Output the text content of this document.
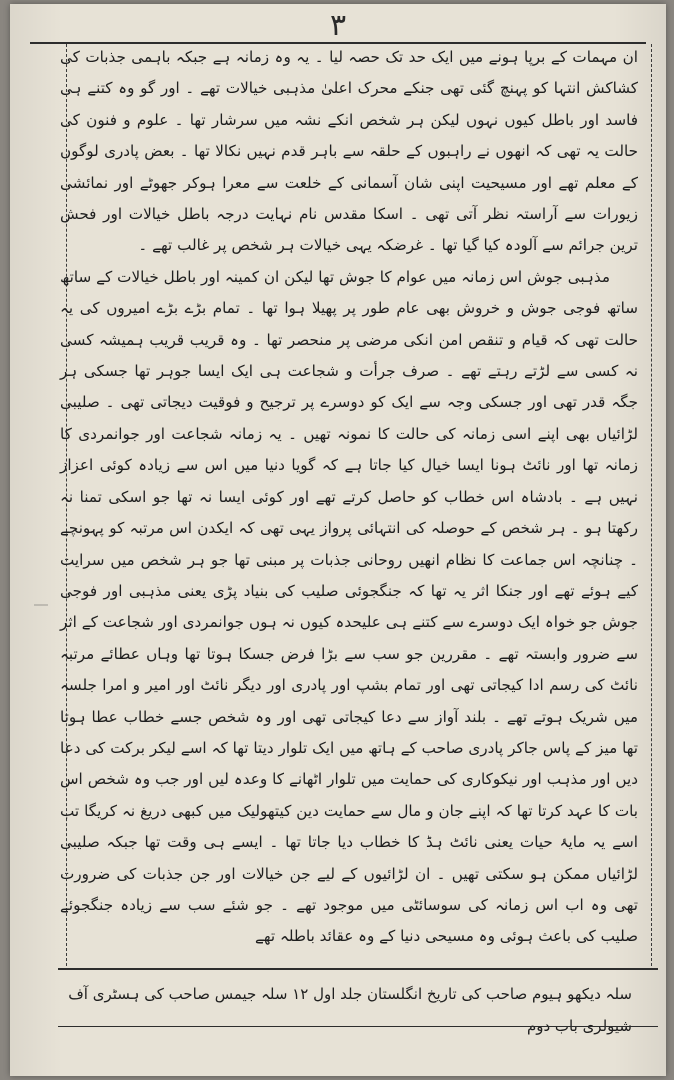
۳

ان مہمات کے برپا ہونے میں ایک حد تک حصہ لیا ۔ یہ وہ زمانہ ہے جبکہ باہمی جذبات کی کشاکش انتہا کو پہنچ گئی تھی جنکے محرک اعلیٰ مذہبی خیالات تھے ۔ اور گو وہ کتنے ہی فاسد اور باطل کیوں نہوں لیکن ہر شخص انکے نشہ میں سرشار تھا ۔ علوم و فنون کی حالت یہ تھی کہ انھوں نے راہبوں کے حلقہ سے باہر قدم نہیں نکالا تھا ۔ بعض پادری لوگوں کے معلم تھے اور مسیحیت اپنی شان آسمانی کے خلعت سے معرا ہوکر جھوٹے اور نمائشی زیورات سے آراستہ نظر آتی تھی ۔ اسکا مقدس نام نہایت درجہ باطل خیالات اور فحش ترین جرائم سے آلودہ کیا گیا تھا ۔ غرضکہ یہی خیالات ہر شخص پر غالب تھے ۔

مذہبی جوش اس زمانہ میں عوام کا جوش تھا لیکن ان کمینہ اور باطل خیالات کے ساتھ ساتھ فوجی جوش و خروش بھی عام طور پر پھیلا ہوا تھا ۔ تمام بڑے بڑے امیروں کی یہ حالت تھی کہ قیام و تنقص امن انکی مرضی پر منحصر تھا ۔ وہ قریب قریب ہمیشہ کسی نہ کسی سے لڑتے رہتے تھے ۔ صرف جرأت و شجاعت ہی ایک ایسا جوہر تھا جسکی ہر جگہ قدر تھی اور جسکی وجہ سے ایک کو دوسرے پر ترجیح و فوقیت دیجاتی تھی ۔ صلیبی لڑائیاں بھی اپنے اسی زمانہ کی حالت کا نمونہ تھیں ۔ یہ زمانہ شجاعت اور جوانمردی کا زمانہ تھا اور نائٹ ہونا ایسا خیال کیا جاتا ہے کہ گویا دنیا میں اس سے زیادہ کوئی اعزاز نہیں ہے ۔ بادشاہ اس خطاب کو حاصل کرتے تھے اور کوئی ایسا نہ تھا جو اسکی تمنا نہ رکھتا ہو ۔ ہر شخص کے حوصلہ کی انتہائی پرواز یہی تھی کہ ایکدن اس مرتبہ کو پہونچے ۔ چنانچہ اس جماعت کا نظام انھیں روحانی جذبات پر مبنی تھا جو ہر شخص میں سرایت کیے ہوئے تھے اور جنکا اثر یہ تھا کہ جنگجوئی صلیب کی بنیاد پڑی یعنی مذہبی اور فوجی جوش جو خواہ ایک دوسرے سے کتنے ہی علیحدہ کیوں نہ ہوں جوانمردی اور شجاعت کے اثر سے ضرور وابستہ تھے ۔ مقررین جو سب سے بڑا فرض جسکا ہوتا تھا وہاں عطائے مرتبہ نائٹ کی رسم ادا کیجاتی تھی اور تمام بشپ اور پادری اور دیگر نائٹ اور امیر و امرا جلسہ میں شریک ہوتے تھے ۔ بلند آواز سے دعا کیجاتی تھی اور وہ شخص جسے خطاب عطا ہوتا تھا میز کے پاس جاکر پادری صاحب کے ہاتھ میں ایک تلوار دیتا تھا کہ اسے لیکر برکت کی دعا دیں اور مذہب اور نیکوکاری کی حمایت میں تلوار اٹھانے کا وعدہ لیں اور جب وہ شخص اس بات کا عہد کرتا تھا کہ اپنے جان و مال سے حمایت دین کیتھولیک میں کبھی دریغ نہ کریگا تب اسے یہ مایۂ حیات یعنی نائٹ ہڈ کا خطاب دیا جاتا تھا ۔ ایسے ہی وقت تھا جبکہ صلیبی لڑائیاں ممکن ہو سکتی تھیں ۔ ان لڑائیوں کے لیے جن خیالات اور جن جذبات کی ضرورت تھی وہ اب اس زمانہ کی سوسائٹی میں موجود تھے ۔ جو شئے سب سے زیادہ جنگجوئے صلیب کی باعث ہوئی وہ مسیحی دنیا کے وہ عقائد باطلہ تھے

سلہ دیکھو ہیوم صاحب کی تاریخ انگلستان جلد اول ۱۲ سلہ جیمس صاحب کی ہسٹری آف شیولری باب دوم
